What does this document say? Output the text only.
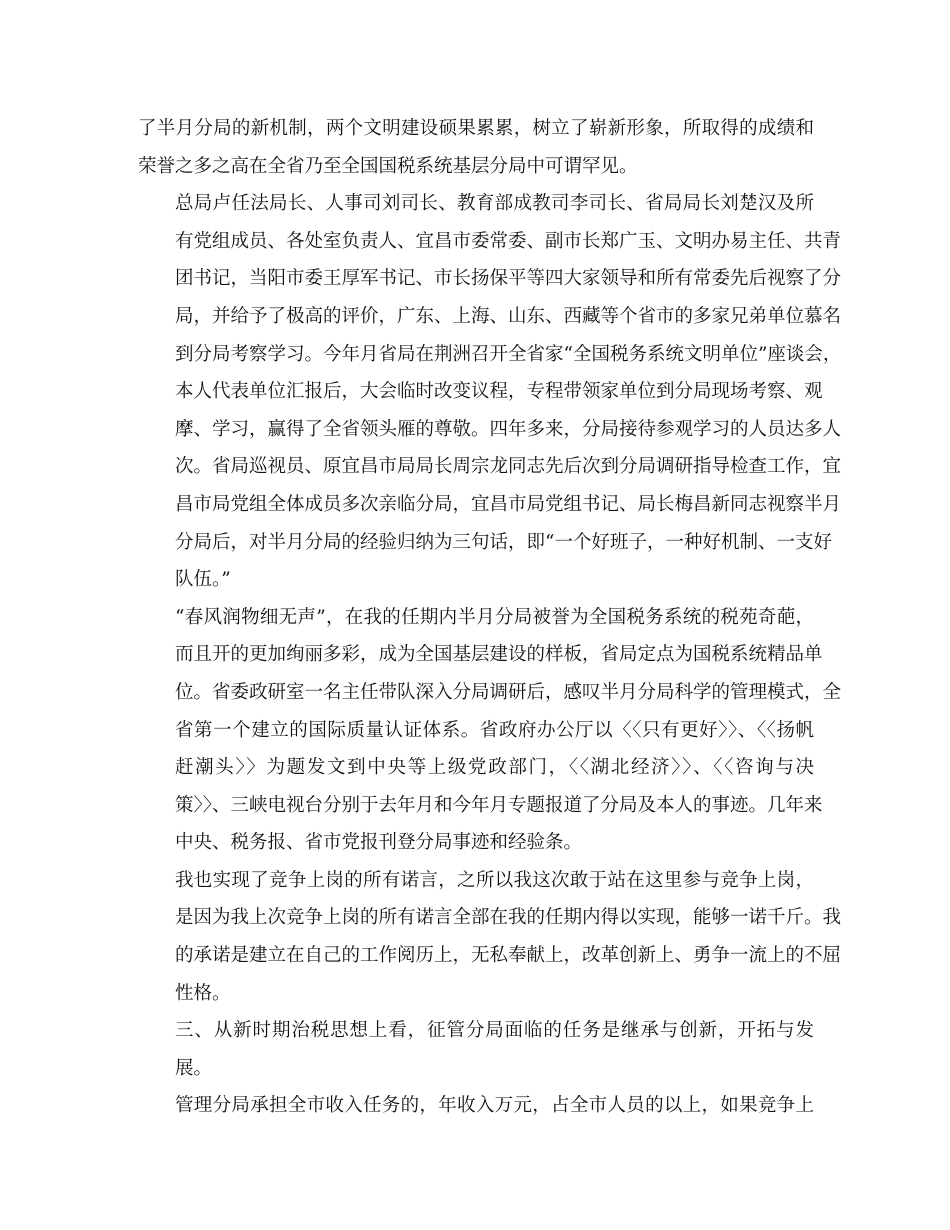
了半月分局的新机制，两个文明建设硕果累累，树立了崭新形象，所取得的成绩和
荣誉之多之高在全省乃至全国国税系统基层分局中可谓罕见。
总局卢任法局长、人事司刘司长、教育部成教司李司长、省局局长刘楚汉及所
有党组成员、各处室负责人、宜昌市委常委、副市长郑广玉、文明办易主任、共青
团书记，当阳市委王厚军书记、市长扬保平等四大家领导和所有常委先后视察了分
局，并给予了极高的评价，广东、上海、山东、西藏等个省市的多家兄弟单位慕名
到分局考察学习。今年月省局在荆洲召开全省家“全国税务系统文明单位”座谈会，
本人代表单位汇报后，大会临时改变议程，专程带领家单位到分局现场考察、观
摩、学习，赢得了全省领头雁的尊敬。四年多来，分局接待参观学习的人员达多人
次。省局巡视员、原宜昌市局局长周宗龙同志先后次到分局调研指导检查工作，宜
昌市局党组全体成员多次亲临分局，宜昌市局党组书记、局长梅昌新同志视察半月
分局后，对半月分局的经验归纳为三句话，即“一个好班子，一种好机制、一支好
队伍。”
“春风润物细无声”，在我的任期内半月分局被誉为全国税务系统的税苑奇葩，
而且开的更加绚丽多彩，成为全国基层建设的样板，省局定点为国税系统精品单
位。省委政研室一名主任带队深入分局调研后，感叹半月分局科学的管理模式，全
省第一个建立的国际质量认证体系。省政府办公厅以〈〈只有更好〉〉、〈〈扬帆
赶潮头〉〉为题发文到中央等上级党政部门，〈〈湖北经济〉〉、〈〈咨询与决
策〉〉、三峡电视台分别于去年月和今年月专题报道了分局及本人的事迹。几年来
中央、税务报、省市党报刊登分局事迹和经验条。
我也实现了竞争上岗的所有诺言，之所以我这次敢于站在这里参与竞争上岗，
是因为我上次竞争上岗的所有诺言全部在我的任期内得以实现，能够一诺千斤。我
的承诺是建立在自己的工作阅历上，无私奉献上，改革创新上、勇争一流上的不屈
性格。
三、从新时期治税思想上看，征管分局面临的任务是继承与创新，开拓与发
展。
管理分局承担全市收入任务的，年收入万元，占全市人员的以上，如果竞争上
